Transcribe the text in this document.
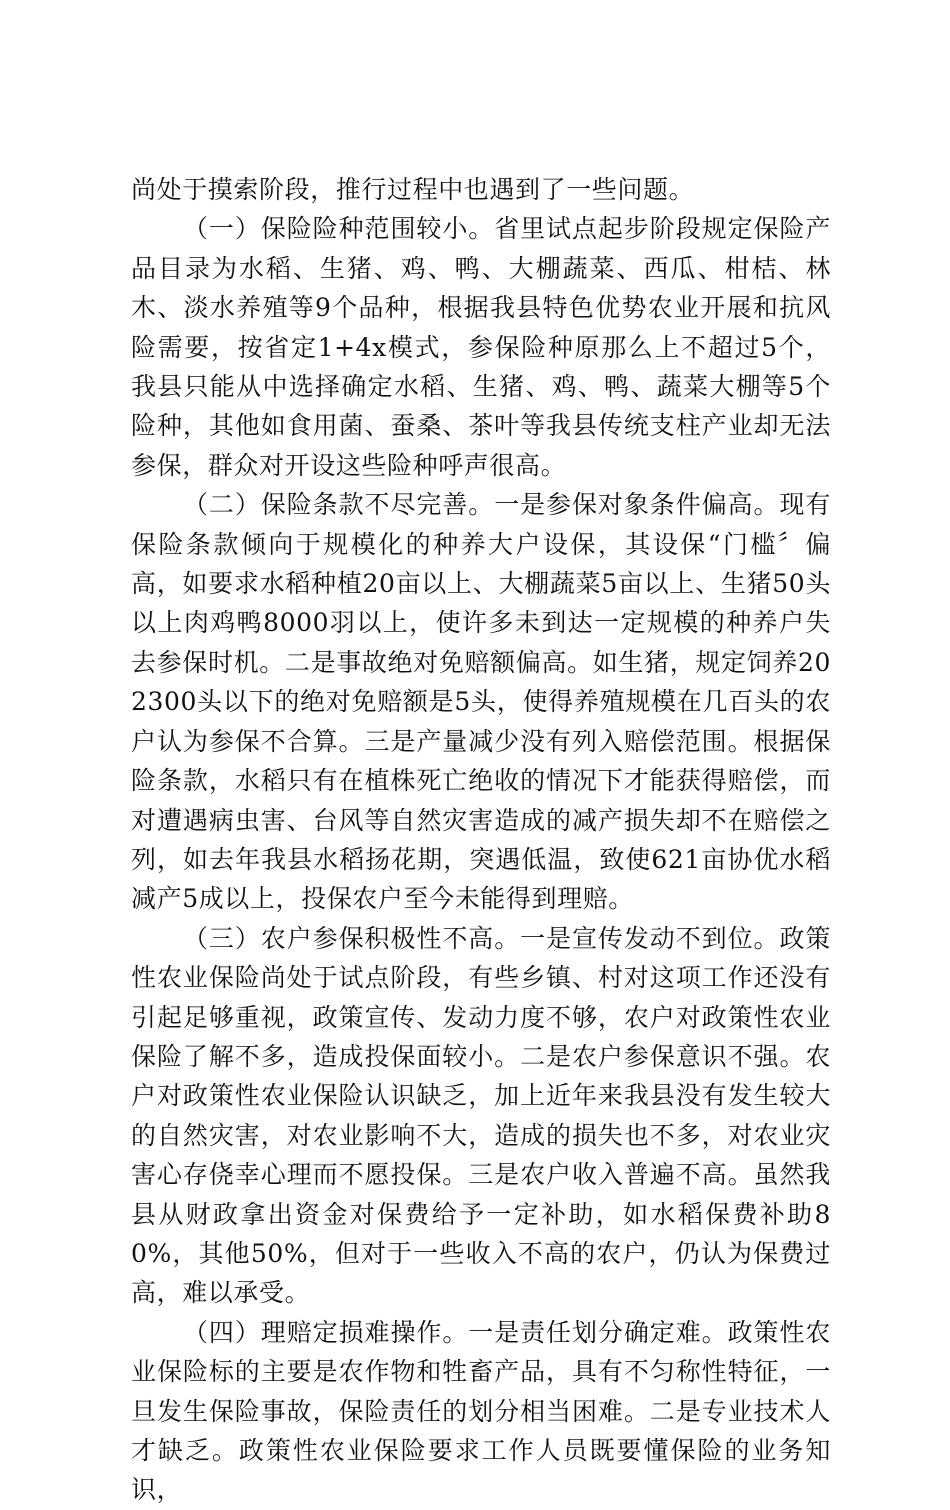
尚处于摸索阶段，推行过程中也遇到了一些问题。

（一）保险险种范围较小。省里试点起步阶段规定保险产品目录为水稻、生猪、鸡、鸭、大棚蔬菜、西瓜、柑桔、林木、淡水养殖等9个品种，根据我县特色优势农业开展和抗风险需要，按省定1+4x模式，参保险种原那么上不超过5个，我县只能从中选择确定水稻、生猪、鸡、鸭、蔬菜大棚等5个险种，其他如食用菌、蚕桑、茶叶等我县传统支柱产业却无法参保，群众对开设这些险种呼声很高。

（二）保险条款不尽完善。一是参保对象条件偏高。现有保险条款倾向于规模化的种养大户设保，其设保“门槛〞偏高，如要求水稻种植20亩以上、大棚蔬菜5亩以上、生猪50头以上肉鸡鸭8000羽以上，使许多未到达一定规模的种养户失去参保时机。二是事故绝对免赔额偏高。如生猪，规定饲养202300头以下的绝对免赔额是5头，使得养殖规模在几百头的农户认为参保不合算。三是产量减少没有列入赔偿范围。根据保险条款，水稻只有在植株死亡绝收的情况下才能获得赔偿，而对遭遇病虫害、台风等自然灾害造成的减产损失却不在赔偿之列，如去年我县水稻扬花期，突遇低温，致使621亩协优水稻减产5成以上，投保农户至今未能得到理赔。

（三）农户参保积极性不高。一是宣传发动不到位。政策性农业保险尚处于试点阶段，有些乡镇、村对这项工作还没有引起足够重视，政策宣传、发动力度不够，农户对政策性农业保险了解不多，造成投保面较小。二是农户参保意识不强。农户对政策性农业保险认识缺乏，加上近年来我县没有发生较大的自然灾害，对农业影响不大，造成的损失也不多，对农业灾害心存侥幸心理而不愿投保。三是农户收入普遍不高。虽然我县从财政拿出资金对保费给予一定补助，如水稻保费补助80%，其他50%，但对于一些收入不高的农户，仍认为保费过高，难以承受。

（四）理赔定损难操作。一是责任划分确定难。政策性农业保险标的主要是农作物和牲畜产品，具有不匀称性特征，一旦发生保险事故，保险责任的划分相当困难。二是专业技术人才缺乏。政策性农业保险要求工作人员既要懂保险的业务知识，
